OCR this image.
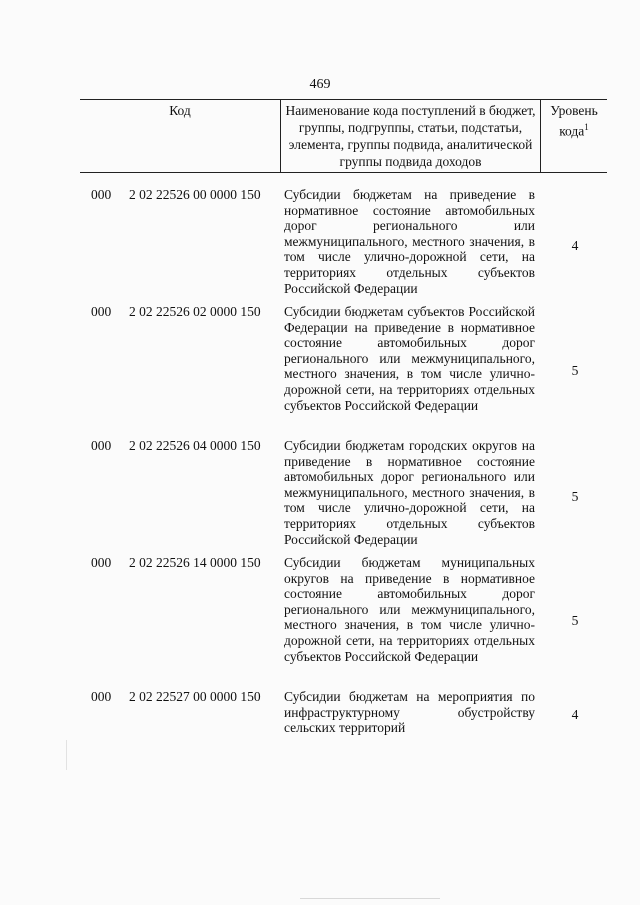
469
Код	Наименование кода поступлений в бюджет, группы, подгруппы, статьи, подстатьи, элемента, группы подвида, аналитической группы подвида доходов	Уровень кода$^1$
000 2 02 22526 00 0000 150 Субсидии бюджетам на приведение в нормативное состояние автомобильных дорог регионального или межмуниципального, местного значения, в том числе улично-дорожной сети, на территориях отдельных субъектов Российской Федерации
4
000 2 02 22526 02 0000 150 Субсидии бюджетам субъектов Российской Федерации на приведение в нормативное состояние автомобильных дорог регионального или межмуниципального, местного значения, в том числе улично-дорожной сети, на территориях отдельных субъектов Российской Федерации
5
000 2 02 22526 04 0000 150 Субсидии бюджетам городских округов на приведение в нормативное состояние автомобильных дорог регионального или межмуниципального, местного значения, в том числе улично-дорожной сети, на территориях отдельных субъектов Российской Федерации
5
000 2 02 22526 14 0000 150 Субсидии бюджетам муниципальных округов на приведение в нормативное состояние автомобильных дорог регионального или межмуниципального, местного значения, в том числе улично-дорожной сети, на территориях отдельных субъектов Российской Федерации
5
000 2 02 22527 00 0000 150 Субсидии бюджетам на мероприятия по инфраструктурному обустройству сельских территорий
4
